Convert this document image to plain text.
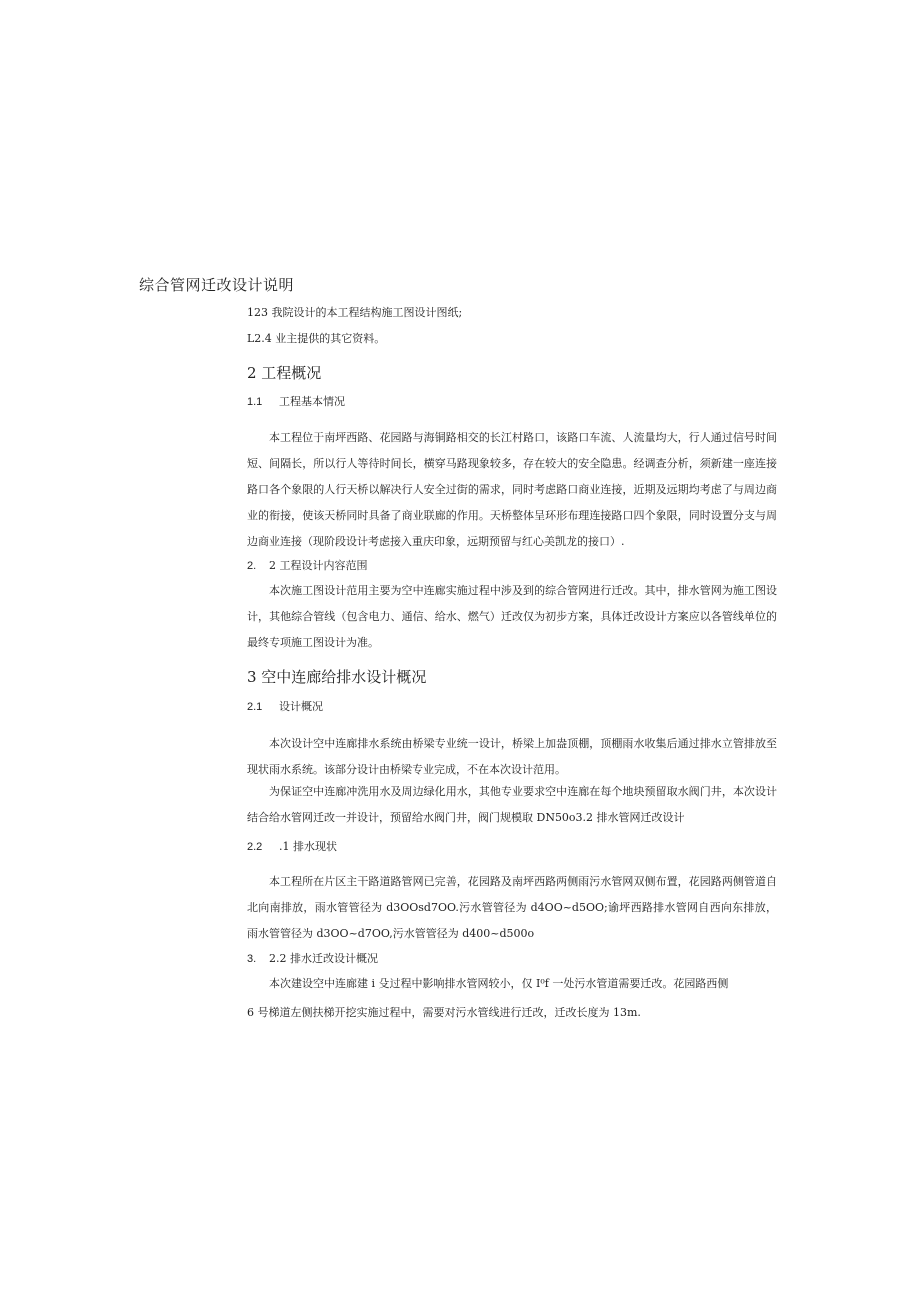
综合管网迁改设计说明
123 我院设计的本工程结构施工图设计图纸;
L2.4 业主提供的其它资料。
2 工程概况
1.1 工程基本情况
本工程位于南坪西路、花园路与海铜路相交的长江村路口，该路口车流、人流量均大，行人通过信号时间短、间隔长，所以行人等待时间长，横穿马路现象较多，存在较大的安全隐患。经调查分析，须新建一座连接路口各个象限的人行天桥以解决行人安全过街的需求，同时考虑路口商业连接，近期及远期均考虑了与周边商业的衔接，使该天桥同时具备了商业联廊的作用。天桥整体呈环形布理连接路口四个象限，同时设置分支与周边商业连接（现阶段设计考虑接入重庆印象，远期预留与红心美凯龙的接口）.
2. 2 工程设计内容范围
本次施工图设计范用主要为空中连廊实施过程中涉及到的综合管网进行迁改。其中，排水管网为施工图设计，其他综合管线（包含电力、通信、给水、燃气）迁改仅为初步方案，具体迁改设计方案应以各管线单位的最终专项施工图设计为准。
3 空中连廊给排水设计概况
2.1 设计概况
本次设计空中连廊排水系统由桥梁专业统一设计，桥梁上加盎顶棚，顶棚雨水收集后通过排水立管排放至现状雨水系统。该部分设计由桥梁专业完成，不在本次设计范用。
为保证空中连廊冲洗用水及周边绿化用水，其他专业要求空中连廊在每个地块预留取水阀门井，本次设计结合给水管网迁改一并设计，预留给水阀门井，阀门规模取 DN50o3.2 排水管网迁改设计
2.2 .1 排水现状
本工程所在片区主干路道路管网已完善，花园路及南坪西路两侧雨污水管网双侧布置，花园路两侧管道自北向南排放，雨水管管径为 d3OOsd7OO.污水管管径为 d4OO~d5OO;谕坪西路排水管网自西向东排放，雨水管管径为 d3OO~d7OO,污水管管径为 d400~d500o
3. 2.2 排水迁改设计概况
本次建设空中连廊建 i 殳过程中影响排水管网较小，仅 I⁰f 一处污水管道需要迁改。花园路西侧
6 号梯道左侧扶梯开挖实施过程中，需要对污水管线进行迁改，迁改长度为 13m.
